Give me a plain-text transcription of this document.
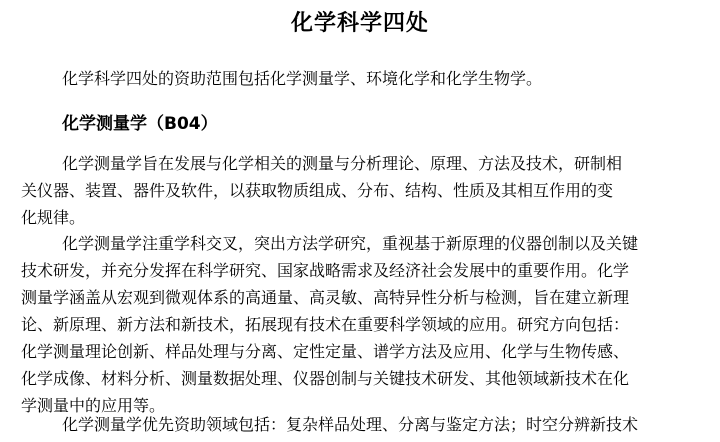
化学科学四处
化学科学四处的资助范围包括化学测量学、环境化学和化学生物学。
化学测量学（B04）
化学测量学旨在发展与化学相关的测量与分析理论、原理、方法及技术，研制相
关仪器、装置、器件及软件，以获取物质组成、分布、结构、性质及其相互作用的变
化规律。
化学测量学注重学科交叉，突出方法学研究，重视基于新原理的仪器创制以及关键
技术研发，并充分发挥在科学研究、国家战略需求及经济社会发展中的重要作用。化学
测量学涵盖从宏观到微观体系的高通量、高灵敏、高特异性分析与检测，旨在建立新理
论、新原理、新方法和新技术，拓展现有技术在重要科学领域的应用。研究方向包括：
化学测量理论创新、样品处理与分离、定性定量、谱学方法及应用、化学与生物传感、
化学成像、材料分析、测量数据处理、仪器创制与关键技术研发、其他领域新技术在化
学测量中的应用等。
化学测量学优先资助领域包括：复杂样品处理、分离与鉴定方法；时空分辨新技术
